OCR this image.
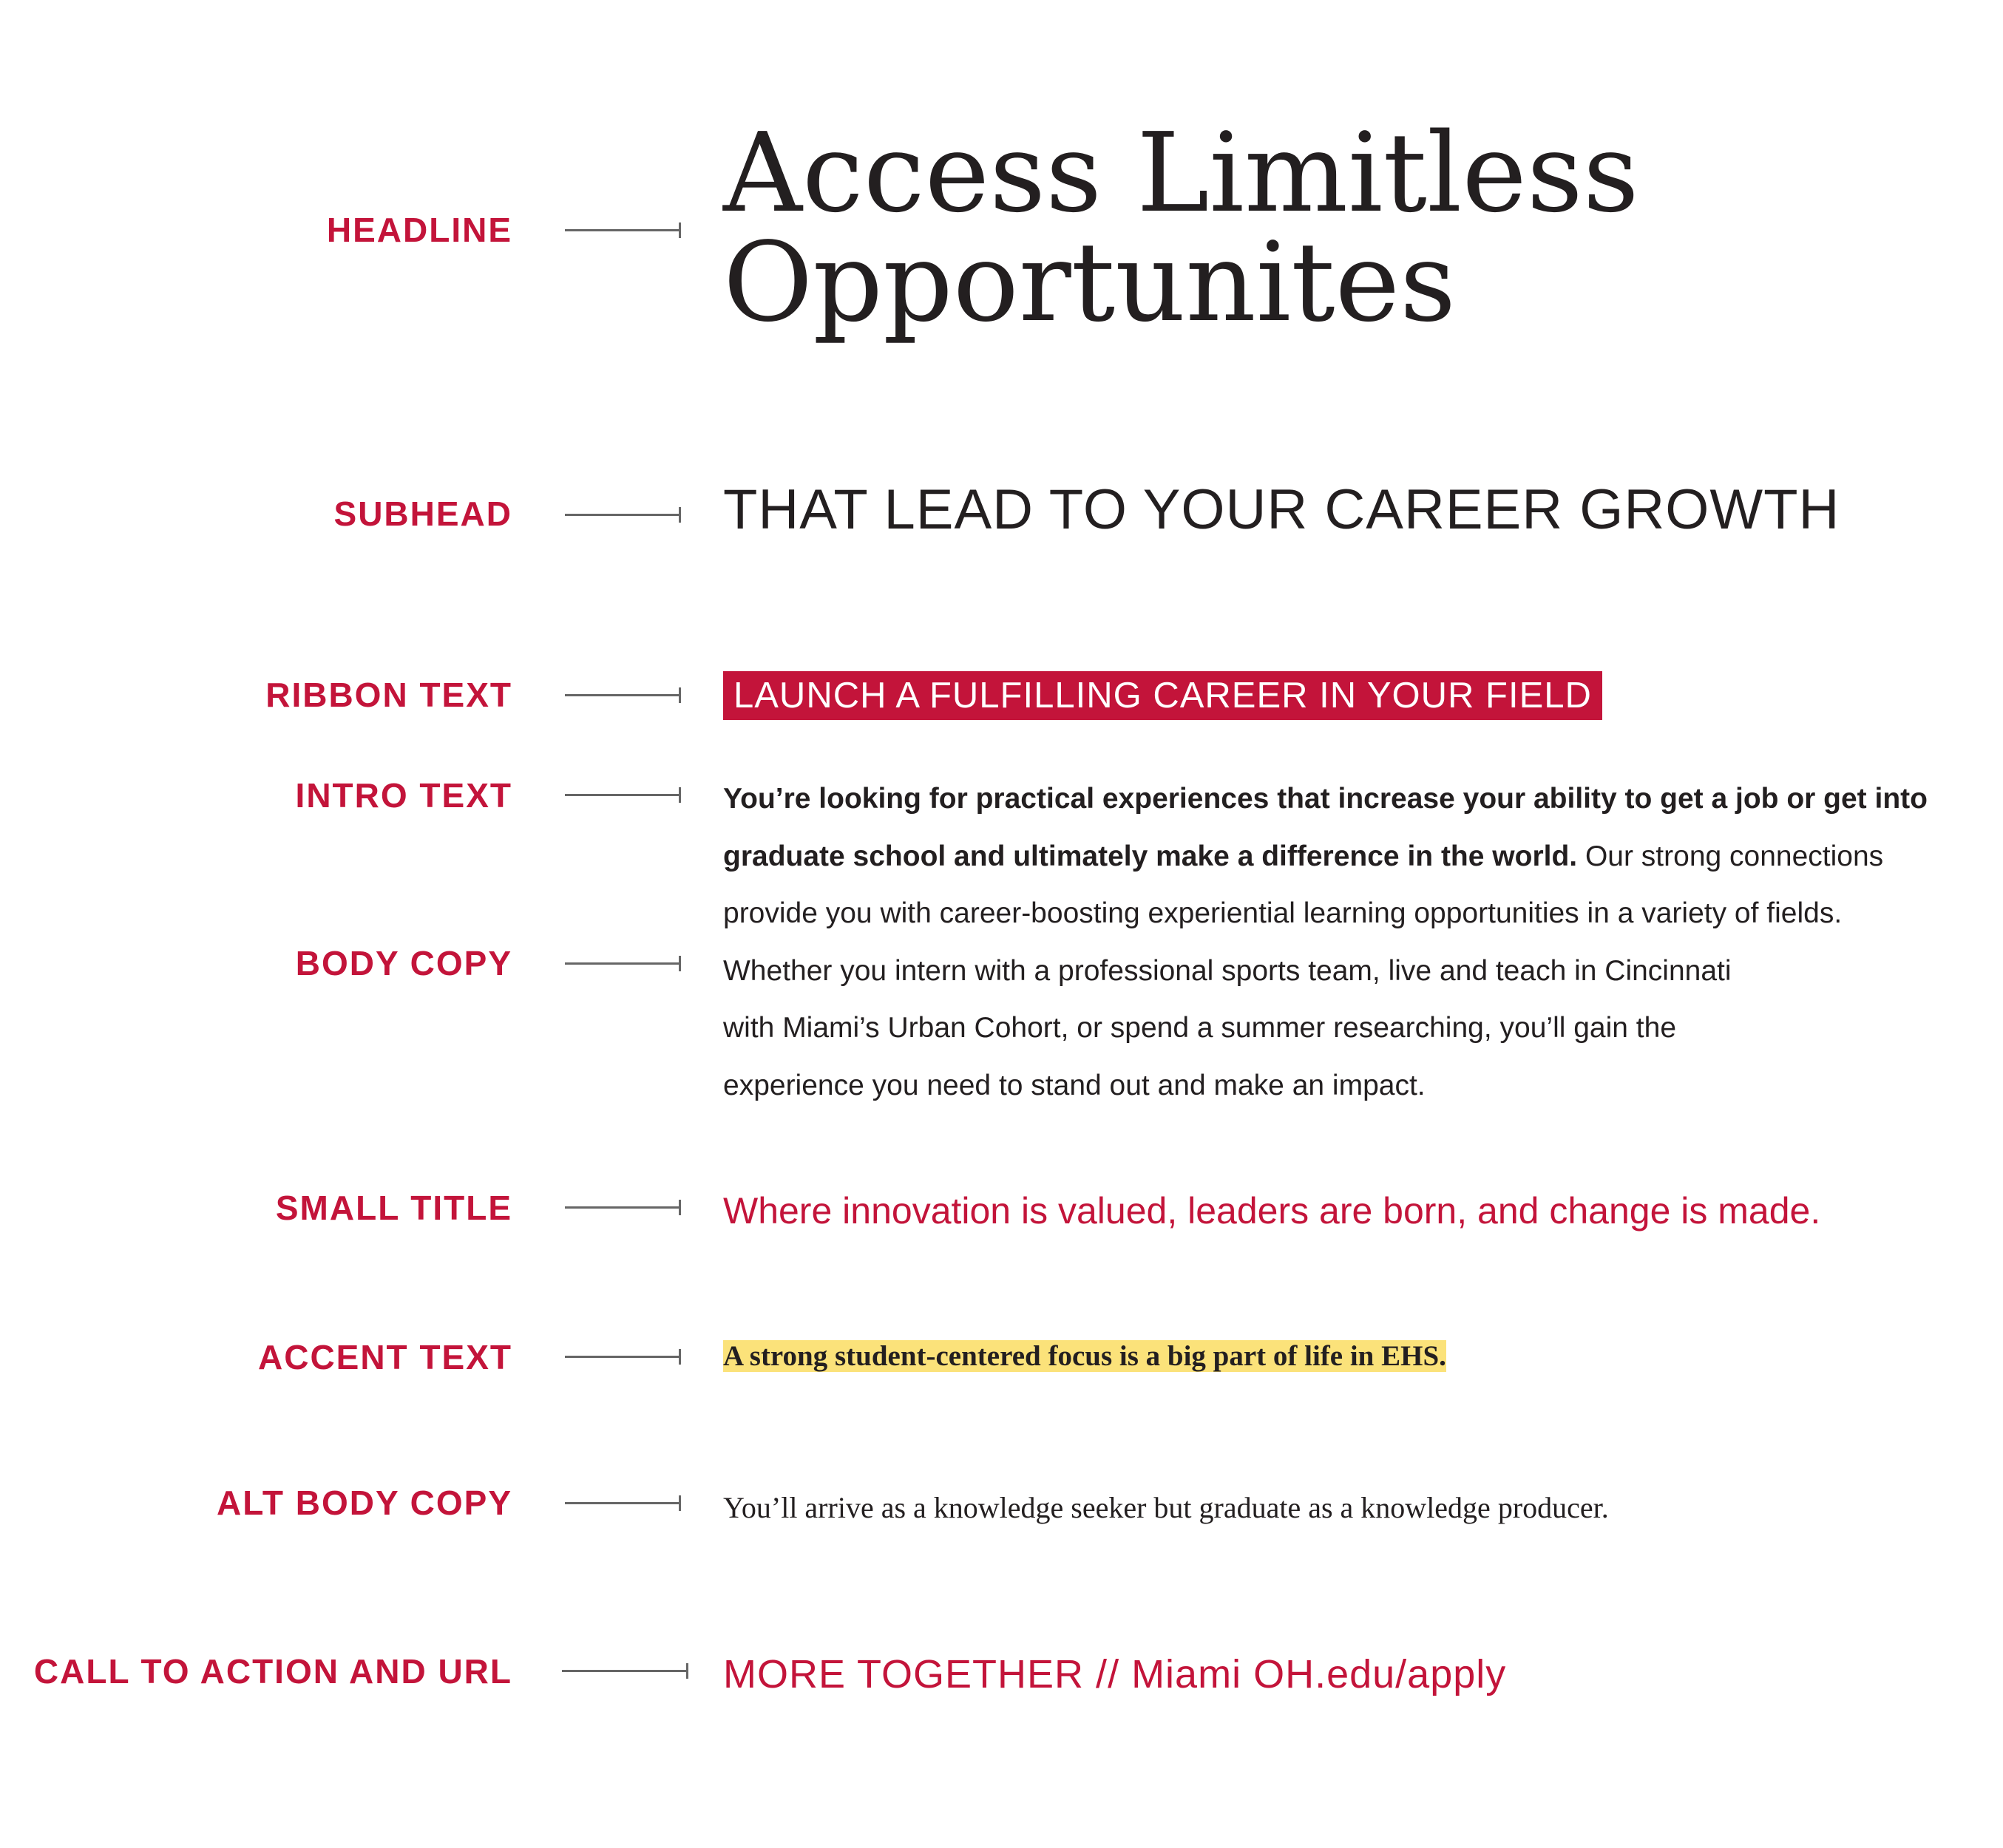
HEADLINE
SUBHEAD
RIBBON TEXT
INTRO TEXT
BODY COPY
SMALL TITLE
ACCENT TEXT
ALT BODY COPY
CALL TO ACTION AND URL
Access Limitless
Opportunites
THAT LEAD TO YOUR CAREER GROWTH
LAUNCH A FULFILLING CAREER IN YOUR FIELD
You’re looking for practical experiences that increase your ability to get a job or get into graduate school and ultimately make a difference in the world. Our strong connections
provide you with career-boosting experiential learning opportunities in a variety of fields.
Whether you intern with a professional sports team, live and teach in Cincinnati
with Miami’s Urban Cohort, or spend a summer researching, you’ll gain the
experience you need to stand out and make an impact.
Where innovation is valued, leaders are born, and change is made.
A strong student-centered focus is a big part of life in EHS.
You’ll arrive as a knowledge seeker but graduate as a knowledge producer.
MORE TOGETHER // Miami OH.edu/apply
